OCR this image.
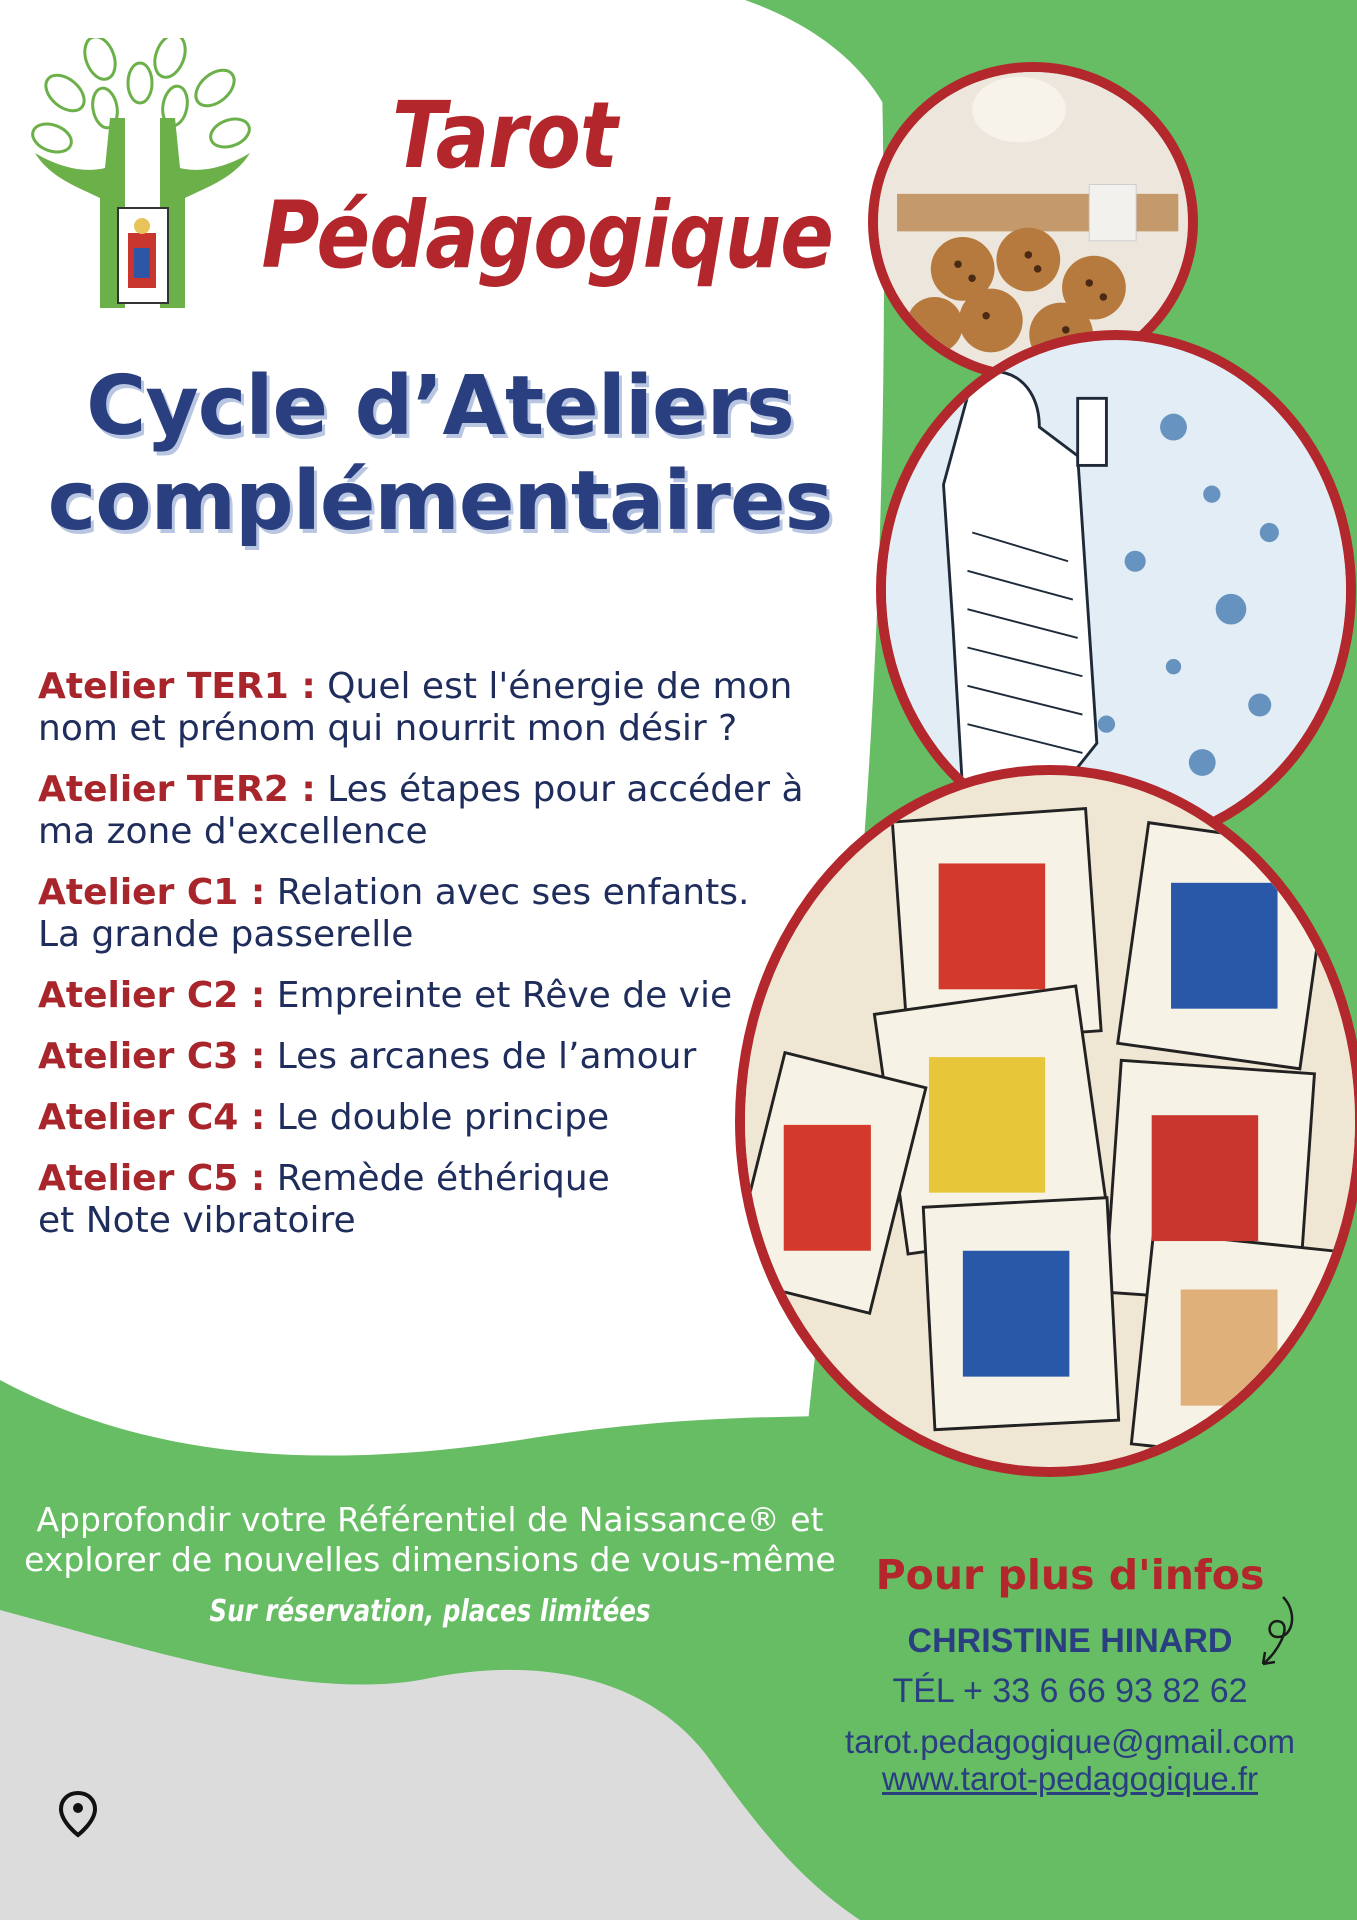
Tarot
Pédagogique
Cycle d’Ateliers
complémentaires
Atelier TER1 : Quel est l'énergie de mon
nom et prénom qui nourrit mon désir ?
Atelier TER2 : Les étapes pour accéder à
ma zone d'excellence
Atelier C1 : Relation avec ses enfants.
La grande passerelle
Atelier C2 : Empreinte et Rêve de vie
Atelier C3 : Les arcanes de l’amour
Atelier C4 : Le double principe
Atelier C5 : Remède éthérique
et Note vibratoire
Approfondir votre Référentiel de Naissance® et
explorer de nouvelles dimensions de vous-même
Sur réservation, places limitées
Pour plus d'infos
CHRISTINE HINARD
TÉL + 33 6 66 93 82 62
tarot.pedagogique@gmail.com
www.tarot-pedagogique.fr
